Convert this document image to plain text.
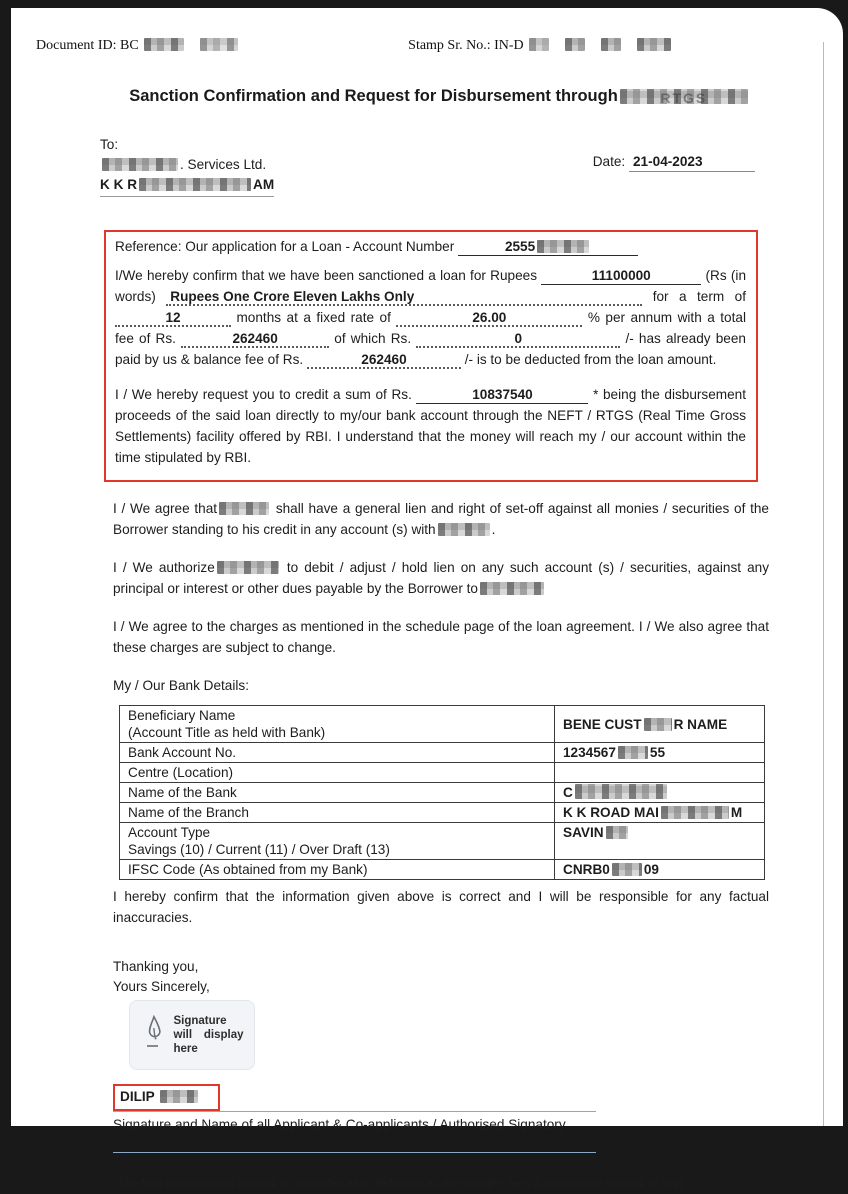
Document ID: BC	Stamp Sr. No.: IN-D
Sanction Confirmation and Request for Disbursement through	RTGS
To:
. Services Ltd.
K K R	AM
Date: 21-04-2023

Reference: Our application for a Loan - Account Number	2555

I/We hereby confirm that we have been sanctioned a loan for Rupees	11100000	(Rs (in words) Rupees One Crore Eleven Lakhs Only	for a term of 12	months at a fixed rate of	26.00	% per annum with a total fee of Rs.	262460	of which Rs.	0	/- has already been paid by us & balance fee of Rs.	262460	/- is to be deducted from the loan amount.

I / We hereby request you to credit a sum of Rs.	10837540	* being the disbursement proceeds of the said loan directly to my/our bank account through the NEFT / RTGS (Real Time Gross Settlements) facility offered by RBI. I understand that the money will reach my / our account within the time stipulated by RBI.

I / We agree that	shall have a general lien and right of set-off against all monies / securities of the Borrower standing to his credit in any account (s) with	.

I / We authorize	to debit / adjust / hold lien on any such account (s) / securities, against any principal or interest or other dues payable by the Borrower to

I / We agree to the charges as mentioned in the schedule page of the loan agreement. I / We also agree that these charges are subject to change.

My / Our Bank Details:

Beneficiary Name
(Account Title as held with Bank)	BENE CUST R NAME
Bank Account No.	1234567 55
Centre (Location)	
Name of the Bank	C
Name of the Branch	K K ROAD MAI M

Account Type
Savings (10) / Current (11) / Over Draft (13)	SAVIN
IFSC Code (As obtained from my Bank)	CNRB0 09

I hereby confirm that the information given above is correct and I will be responsible for any factual inaccuracies.

Thanking you,
Yours Sincerely,
Signature will display here
DILIP
Signature and Name of all Applicant & Co-applicants / Authorised Signatory
*The final disbursement amount is calculated after deducting all the charges, fees & pre-closure amount (if any).
